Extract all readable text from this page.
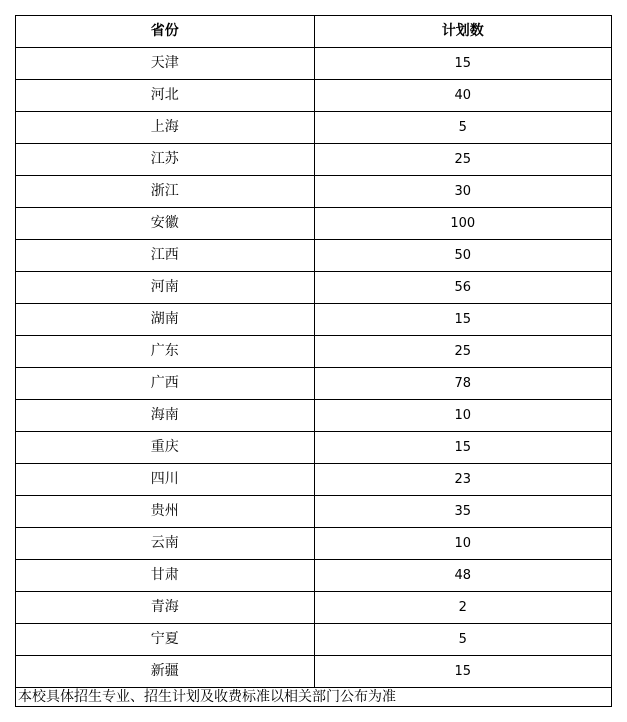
省份	计划数
天津	15
河北	40
上海	5
江苏	25
浙江	30
安徽	100
江西	50
河南	56
湖南	15
广东	25
广西	78
海南	10
重庆	15
四川	23
贵州	35
云南	10
甘肃	48
青海	2
宁夏	5
新疆	15
本校具体招生专业、招生计划及收费标准以相关部门公布为准
